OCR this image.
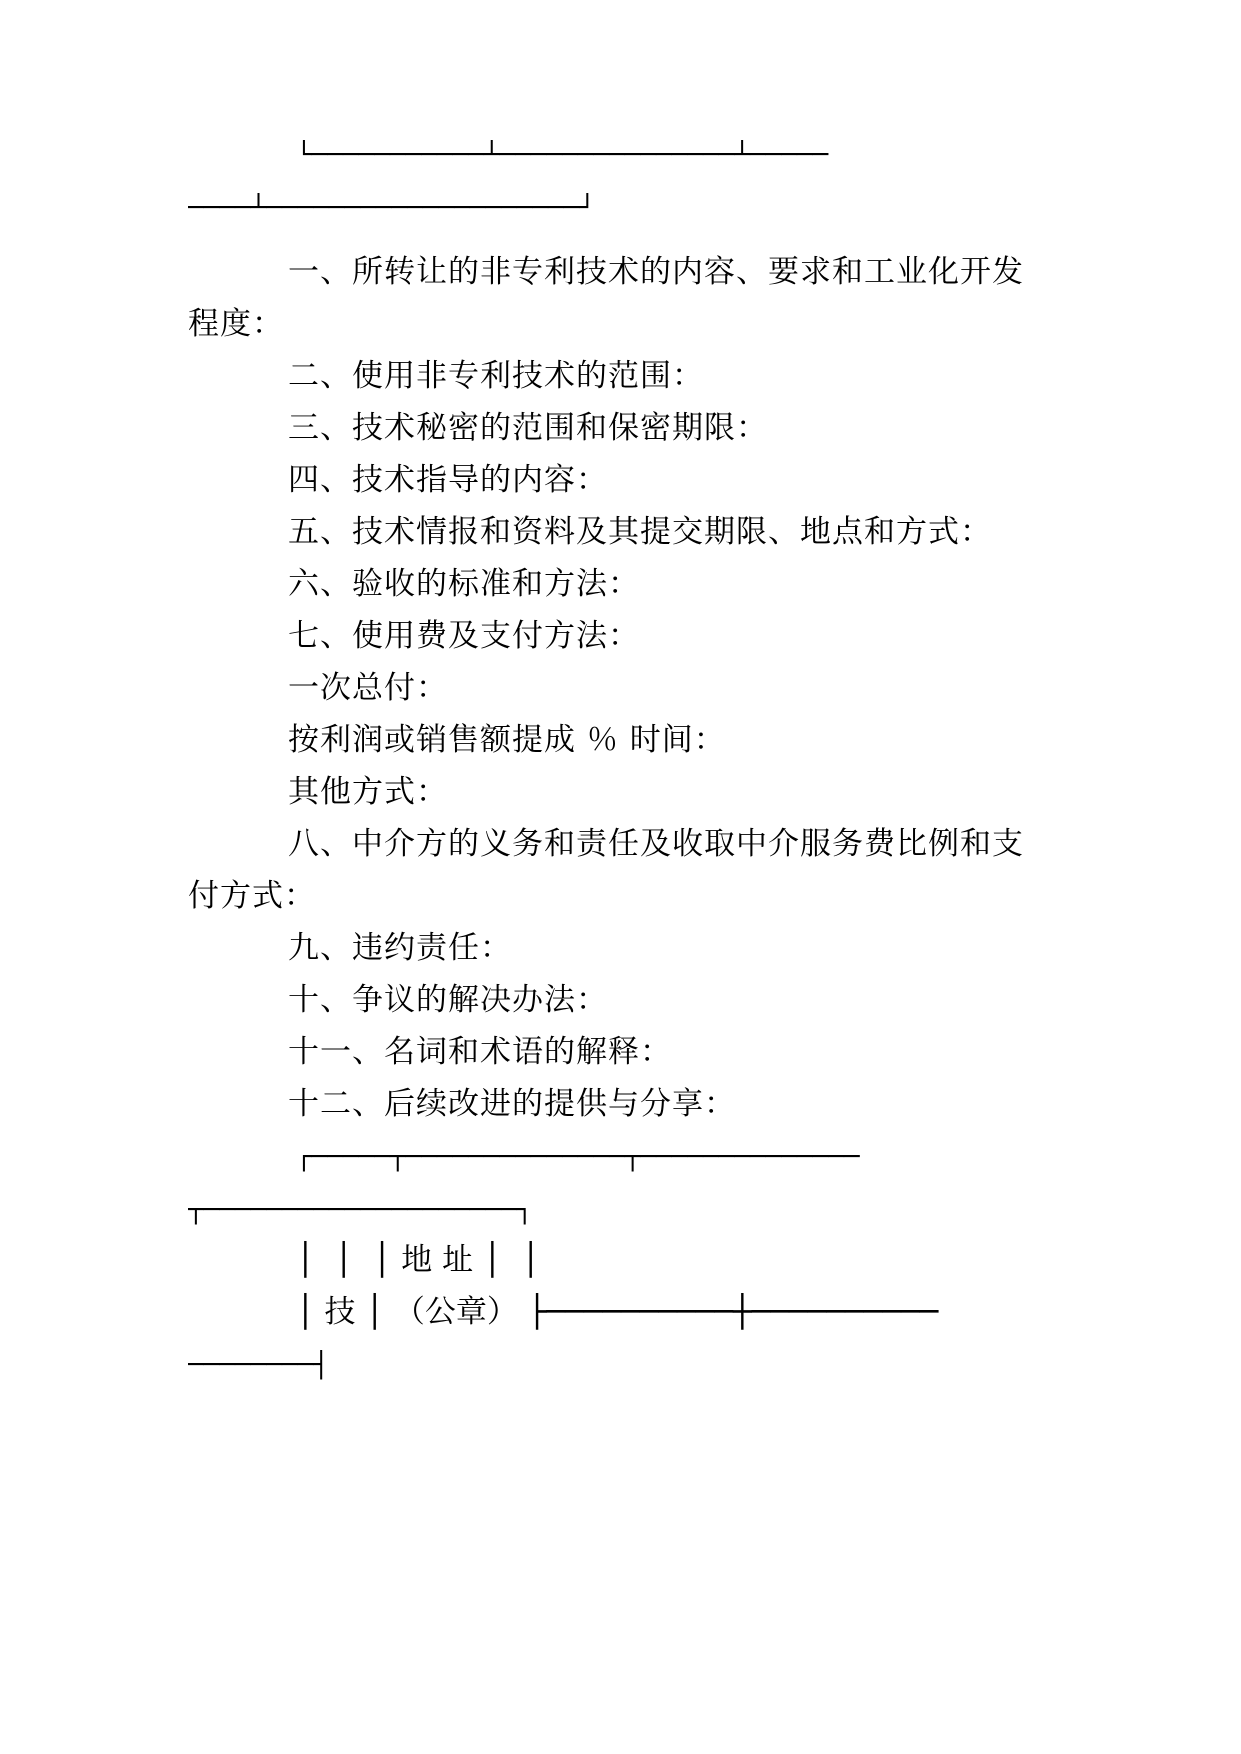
└───────────┴───────────────┴─────
────┴────────────────────┘
一、所转让的非专利技术的内容、要求和工业化开发
程度：
二、使用非专利技术的范围：
三、技术秘密的范围和保密期限：
四、技术指导的内容：
五、技术情报和资料及其提交期限、地点和方式：
六、验收的标准和方法：
七、使用费及支付方法：
一次总付：
按利润或销售额提成 ％ 时间：
其他方式：
八、中介方的义务和责任及收取中介服务费比例和支
付方式：
九、违约责任：
十、争议的解决办法：
十一、名词和术语的解释：
十二、后续改进的提供与分享：
┌─────┬──────────────┬──────────────
┬────────────────────┐
│  │  │ 地 址 │  │
│ 技 │ （公章） ├──────────┼──────────
────────┤
